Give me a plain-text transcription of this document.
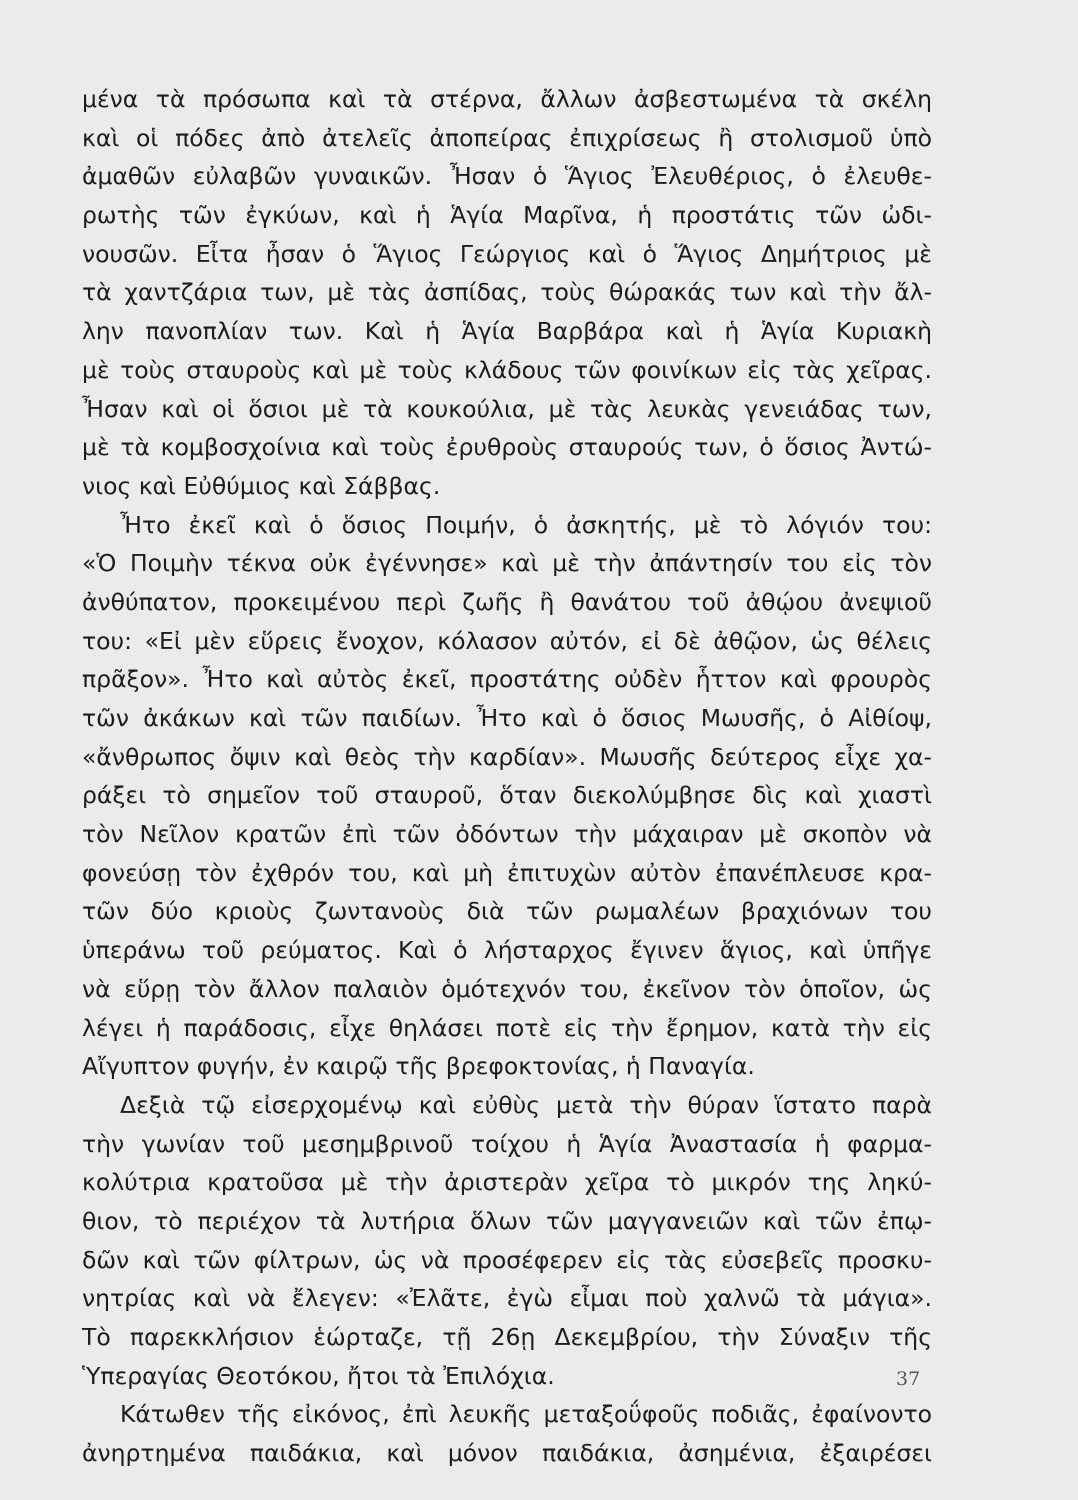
μένα τὰ πρόσωπα καὶ τὰ στέρνα, ἄλλων ἀσβεστωμένα τὰ σκέλη
καὶ οἱ πόδες ἀπὸ ἀτελεῖς ἀποπείρας ἐπιχρίσεως ἢ στολισμοῦ ὑπὸ
ἀμαθῶν εὐλαβῶν γυναικῶν. Ἦσαν ὁ Ἅγιος Ἐλευθέριος, ὁ ἐλευθε-
ρωτὴς τῶν ἐγκύων, καὶ ἡ Ἁγία Μαρῖνα, ἡ προστάτις τῶν ὠδι-
νουσῶν. Εἶτα ἦσαν ὁ Ἅγιος Γεώργιος καὶ ὁ Ἅγιος Δημήτριος μὲ
τὰ χαντζάρια των, μὲ τὰς ἀσπίδας, τοὺς θώρακάς των καὶ τὴν ἄλ-
λην πανοπλίαν των. Καὶ ἡ Ἁγία Βαρβάρα καὶ ἡ Ἁγία Κυριακὴ
μὲ τοὺς σταυροὺς καὶ μὲ τοὺς κλάδους τῶν φοινίκων εἰς τὰς χεῖρας.
Ἦσαν καὶ οἱ ὅσιοι μὲ τὰ κουκούλια, μὲ τὰς λευκὰς γενειάδας των,
μὲ τὰ κομβοσχοίνια καὶ τοὺς ἐρυθροὺς σταυρούς των, ὁ ὅσιος Ἀντώ-
νιος καὶ Εὐθύμιος καὶ Σάββας.
Ἦτο ἐκεῖ καὶ ὁ ὅσιος Ποιμήν, ὁ ἀσκητής, μὲ τὸ λόγιόν του:
«Ὁ Ποιμὴν τέκνα οὐκ ἐγέννησε» καὶ μὲ τὴν ἀπάντησίν του εἰς τὸν
ἀνθύπατον, προκειμένου περὶ ζωῆς ἢ θανάτου τοῦ ἀθῴου ἀνεψιοῦ
του: «Εἰ μὲν εὕρεις ἔνοχον, κόλασον αὐτόν, εἰ δὲ ἀθῷον, ὡς θέλεις
πρᾶξον». Ἦτο καὶ αὐτὸς ἐκεῖ, προστάτης οὐδὲν ἧττον καὶ φρουρὸς
τῶν ἀκάκων καὶ τῶν παιδίων. Ἦτο καὶ ὁ ὅσιος Μωυσῆς, ὁ Αἰθίοψ,
«ἄνθρωπος ὄψιν καὶ θεὸς τὴν καρδίαν». Μωυσῆς δεύτερος εἶχε χα-
ράξει τὸ σημεῖον τοῦ σταυροῦ, ὅταν διεκολύμβησε δὶς καὶ χιαστὶ
τὸν Νεῖλον κρατῶν ἐπὶ τῶν ὀδόντων τὴν μάχαιραν μὲ σκοπὸν νὰ
φονεύσῃ τὸν ἐχθρόν του, καὶ μὴ ἐπιτυχὼν αὐτὸν ἐπανέπλευσε κρα-
τῶν δύο κριοὺς ζωντανοὺς διὰ τῶν ρωμαλέων βραχιόνων του
ὑπεράνω τοῦ ρεύματος. Καὶ ὁ λήσταρχος ἔγινεν ἅγιος, καὶ ὑπῆγε
νὰ εὕρῃ τὸν ἄλλον παλαιὸν ὁμότεχνόν του, ἐκεῖνον τὸν ὁποῖον, ὡς
λέγει ἡ παράδοσις, εἶχε θηλάσει ποτὲ εἰς τὴν ἔρημον, κατὰ τὴν εἰς
Αἴγυπτον φυγήν, ἐν καιρῷ τῆς βρεφοκτονίας, ἡ Παναγία.
Δεξιὰ τῷ εἰσερχομένῳ καὶ εὐθὺς μετὰ τὴν θύραν ἵστατο παρὰ
τὴν γωνίαν τοῦ μεσημβρινοῦ τοίχου ἡ Ἁγία Ἀναστασία ἡ φαρμα-
κολύτρια κρατοῦσα μὲ τὴν ἀριστερὰν χεῖρα τὸ μικρόν της ληκύ-
θιον, τὸ περιέχον τὰ λυτήρια ὅλων τῶν μαγγανειῶν καὶ τῶν ἐπῳ-
δῶν καὶ τῶν φίλτρων, ὡς νὰ προσέφερεν εἰς τὰς εὐσεβεῖς προσκυ-
νητρίας καὶ νὰ ἔλεγεν: «Ἐλᾶτε, ἐγὼ εἶμαι ποὺ χαλνῶ τὰ μάγια».
Τὸ παρεκκλήσιον ἑώρταζε, τῇ 26ῃ Δεκεμβρίου, τὴν Σύναξιν τῆς
Ὑπεραγίας Θεοτόκου, ἤτοι τὰ Ἐπιλόχια.
Κάτωθεν τῆς εἰκόνος, ἐπὶ λευκῆς μεταξοΰφοῦς ποδιᾶς, ἐφαίνοντο
ἀνηρτημένα παιδάκια, καὶ μόνον παιδάκια, ἀσημένια, ἐξαιρέσει
37
